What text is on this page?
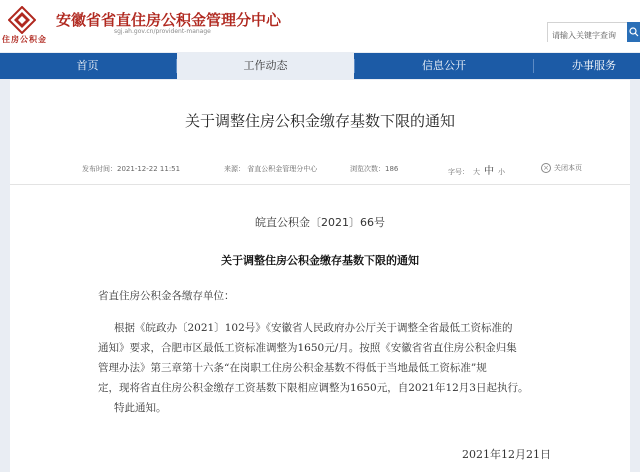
住房公积金
安徽省省直住房公积金管理分中心
sgj.ah.gov.cn/provident-manage
请输入关键字查询
首页	工作动态	信息公开	办事服务
关于调整住房公积金缴存基数下限的通知
发布时间：2021-12-22 11:51	来源： 省直公积金管理分中心	浏览次数：186	字号： 大 中 小	× 关闭本页
皖直公积金〔2021〕66号
关于调整住房公积金缴存基数下限的通知
省直住房公积金各缴存单位：
根据《皖政办〔2021〕102号》《安徽省人民政府办公厅关于调整全省最低工资标准的
通知》要求，合肥市区最低工资标准调整为1650元/月。按照《安徽省省直住房公积金归集
管理办法》第三章第十六条“在岗职工住房公积金基数不得低于当地最低工资标准”规
定，现将省直住房公积金缴存工资基数下限相应调整为1650元，自2021年12月3日起执行。
特此通知。
2021年12月21日
